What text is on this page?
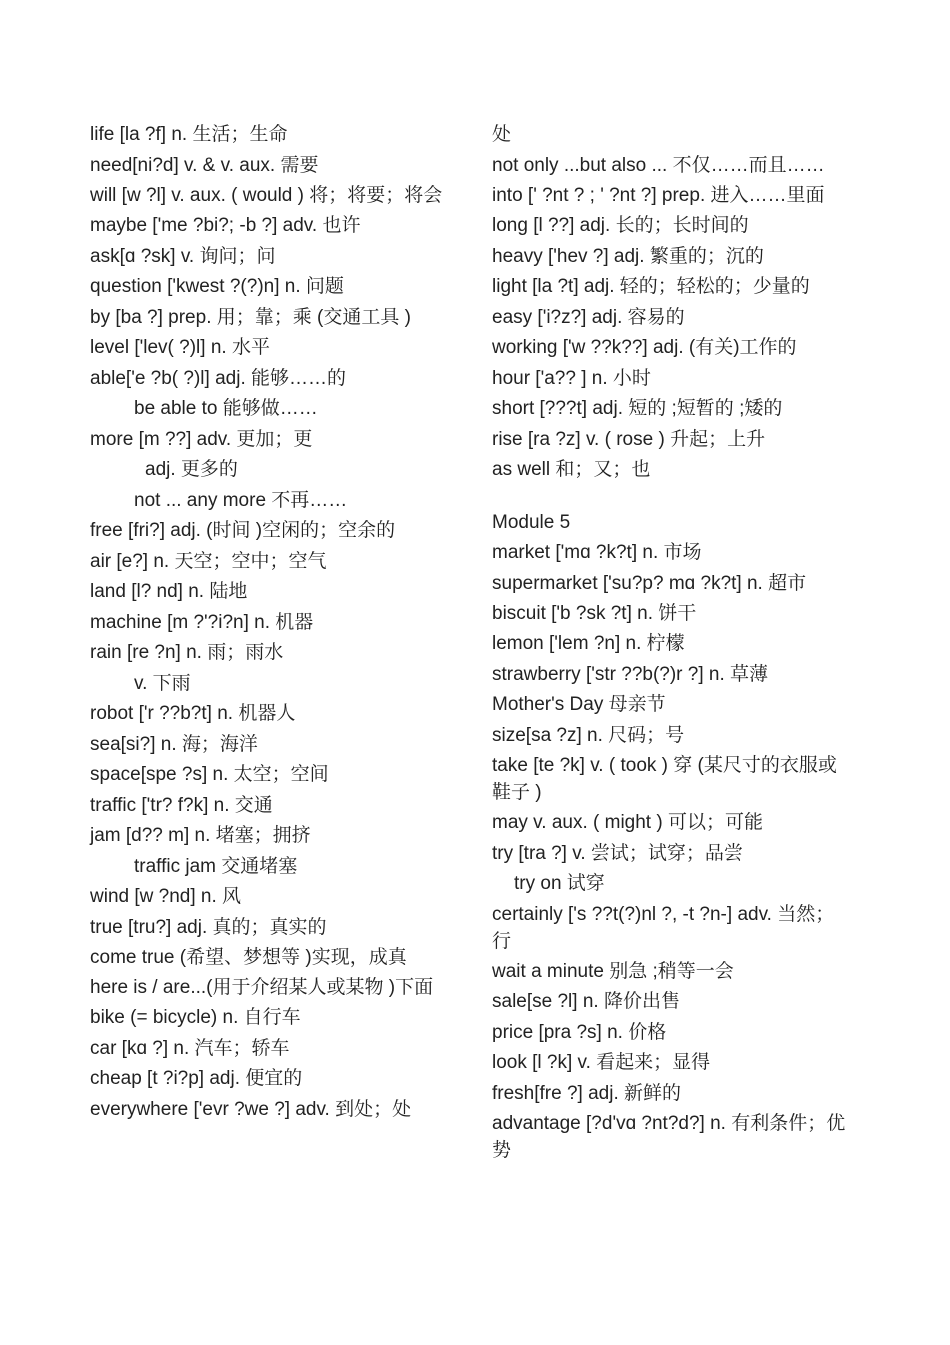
life [la ?f] n. 生活；生命
need[ni?d] v. & v. aux. 需要
will [w ?l] v. aux. ( would ) 将；将要；将会
maybe ['me ?bi?; -b ?] adv. 也许
ask[ɑ ?sk] v. 询问；问
question ['kwest ?(?)n] n. 问题
by [ba ?] prep. 用；靠；乘 (交通工具 )
level ['lev( ?)l] n. 水平
able['e ?b( ?)l] adj. 能够……的
be able to 能够做……
more [m ??] adv. 更加；更
adj. 更多的
not ... any more 不再……
free [fri?] adj. (时间 )空闲的；空余的
air [e?] n. 天空；空中；空气
land [l? nd] n. 陆地
machine [m ?'?i?n] n. 机器
rain [re ?n] n. 雨；雨水
v. 下雨
robot ['r ??b?t] n. 机器人
sea[si?] n. 海；海洋
space[spe ?s] n. 太空；空间
traffic ['tr? f?k] n. 交通
jam [d?? m] n. 堵塞；拥挤
traffic jam 交通堵塞
wind [w ?nd] n. 风
true [tru?] adj. 真的；真实的
come true (希望、梦想等 )实现，成真
here is / are...(用于介绍某人或某物 )下面
bike (= bicycle) n. 自行车
car [kɑ ?] n. 汽车；轿车
cheap [t ?i?p] adj. 便宜的
everywhere ['evr ?we ?] adv. 到处；处
处
not only ...but also ... 不仅……而且……
into [' ?nt ? ; ' ?nt ?] prep. 进入……里面
long [l ??] adj. 长的；长时间的
heavy ['hev ?] adj. 繁重的；沉的
light [la ?t] adj. 轻的；轻松的；少量的
easy ['i?z?] adj. 容易的
working ['w ??k??] adj. (有关)工作的
hour ['a?? ] n. 小时
short [???t] adj. 短的 ;短暂的 ;矮的
rise [ra ?z] v. ( rose ) 升起；上升
as well 和；又；也
Module 5
market ['mɑ ?k?t] n. 市场
supermarket ['su?p? mɑ ?k?t] n. 超市
biscuit ['b ?sk ?t] n. 饼干
lemon ['lem ?n] n. 柠檬
strawberry ['str ??b(?)r ?] n. 草薄
Mother's Day 母亲节
size[sa ?z] n. 尺码；号
take [te ?k] v. ( took ) 穿 (某尺寸的衣服或鞋子 )
may v. aux. ( might ) 可以；可能
try [tra ?] v. 尝试；试穿；品尝
try on 试穿
certainly ['s ??t(?)nl ?, -t ?n-] adv. 当然；行
wait a minute 别急 ;稍等一会
sale[se ?l] n. 降价出售
price [pra ?s] n. 价格
look [l ?k] v. 看起来；显得
fresh[fre ?] adj. 新鲜的
advantage [?d'vɑ ?nt?d?] n. 有利条件；优势
